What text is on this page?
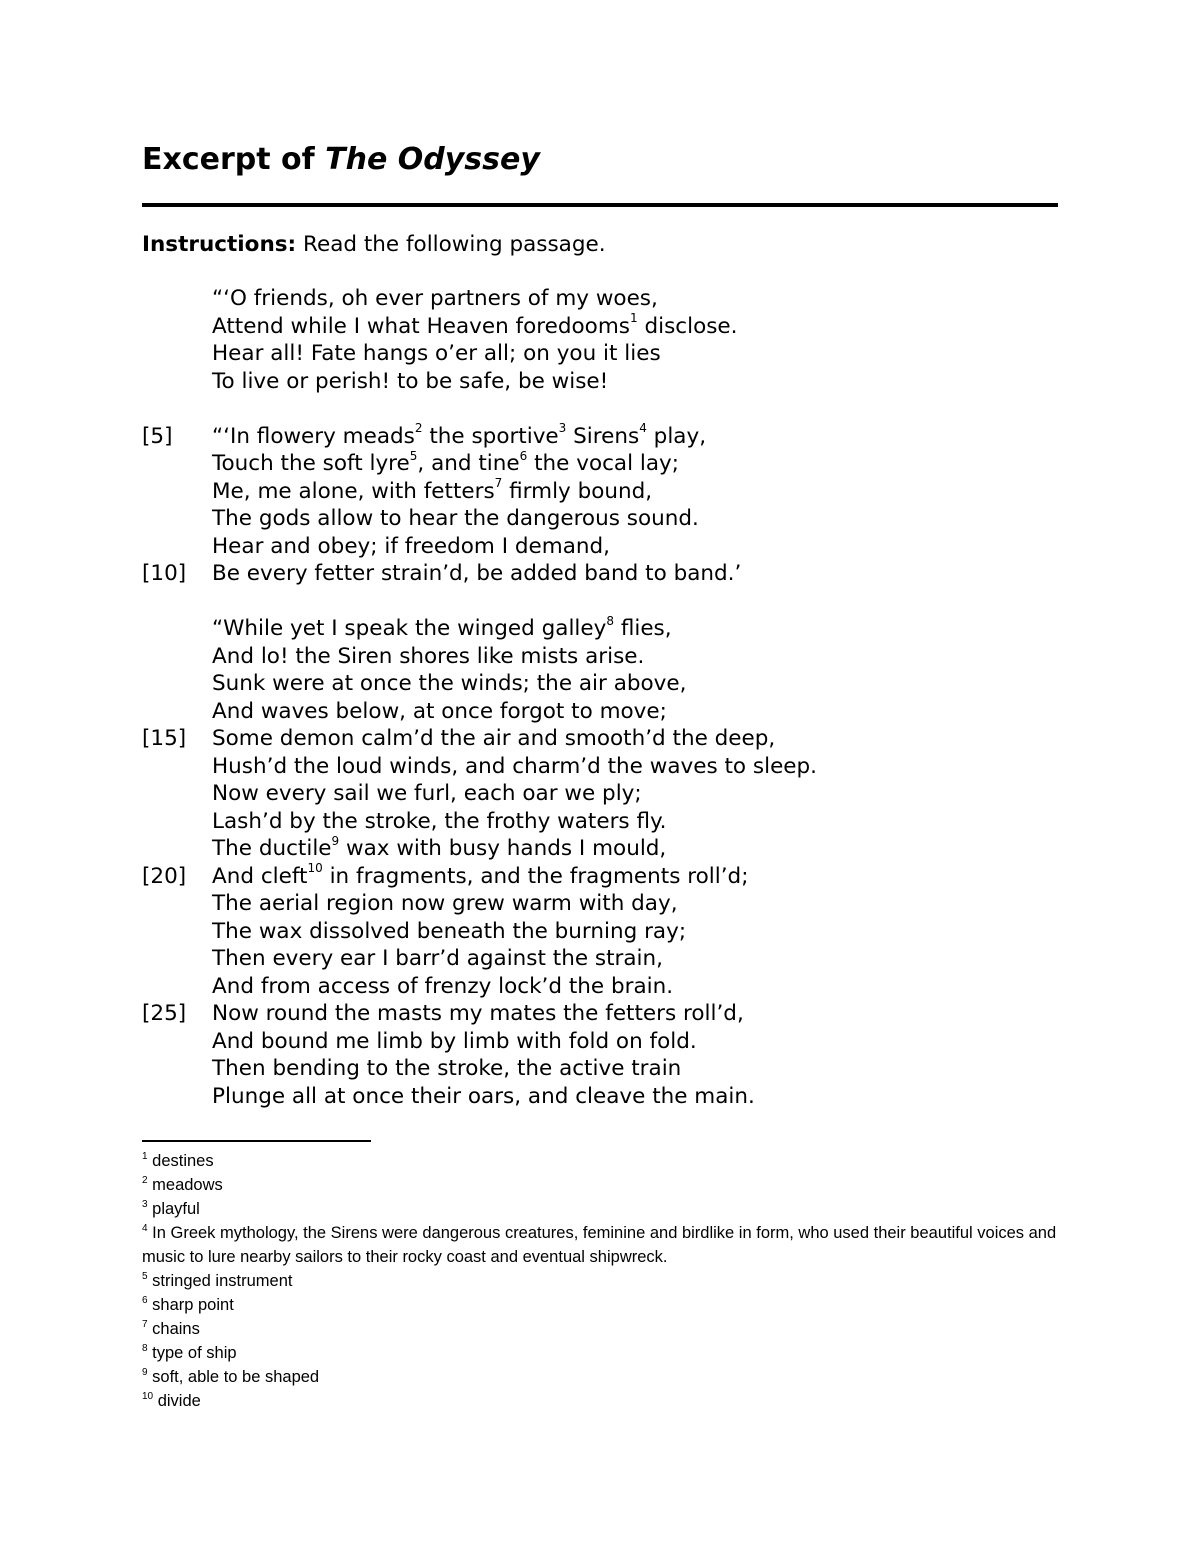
Excerpt of The Odyssey
Instructions: Read the following passage.
“‘O friends, oh ever partners of my woes,
Attend while I what Heaven foredooms$^1$ disclose.
Hear all! Fate hangs o’er all; on you it lies
To live or perish! to be safe, be wise!
[5]	“‘In flowery meads$^2$ the sportive$^3$ Sirens$^4$ play,
Touch the soft lyre$^5$, and tine$^6$ the vocal lay;
Me, me alone, with fetters$^7$ firmly bound,
The gods allow to hear the dangerous sound.
Hear and obey; if freedom I demand,
[10]	Be every fetter strain’d, be added band to band.’
“While yet I speak the winged galley$^8$ flies,
And lo! the Siren shores like mists arise.
Sunk were at once the winds; the air above,
And waves below, at once forgot to move;
[15]	Some demon calm’d the air and smooth’d the deep,
Hush’d the loud winds, and charm’d the waves to sleep.
Now every sail we furl, each oar we ply;
Lash’d by the stroke, the frothy waters fly.
The ductile$^9$ wax with busy hands I mould,
[20]	And cleft$^{10}$ in fragments, and the fragments roll’d;
The aerial region now grew warm with day,
The wax dissolved beneath the burning ray;
Then every ear I barr’d against the strain,
And from access of frenzy lock’d the brain.
[25]	Now round the masts my mates the fetters roll’d,
And bound me limb by limb with fold on fold.
Then bending to the stroke, the active train
Plunge all at once their oars, and cleave the main.
$^1$ destines
$^2$ meadows
$^3$ playful
$^4$ In Greek mythology, the Sirens were dangerous creatures, feminine and birdlike in form, who used their beautiful voices and music to lure nearby sailors to their rocky coast and eventual shipwreck.
$^5$ stringed instrument
$^6$ sharp point
$^7$ chains
$^8$ type of ship
$^9$ soft, able to be shaped
$^{10}$ divide
